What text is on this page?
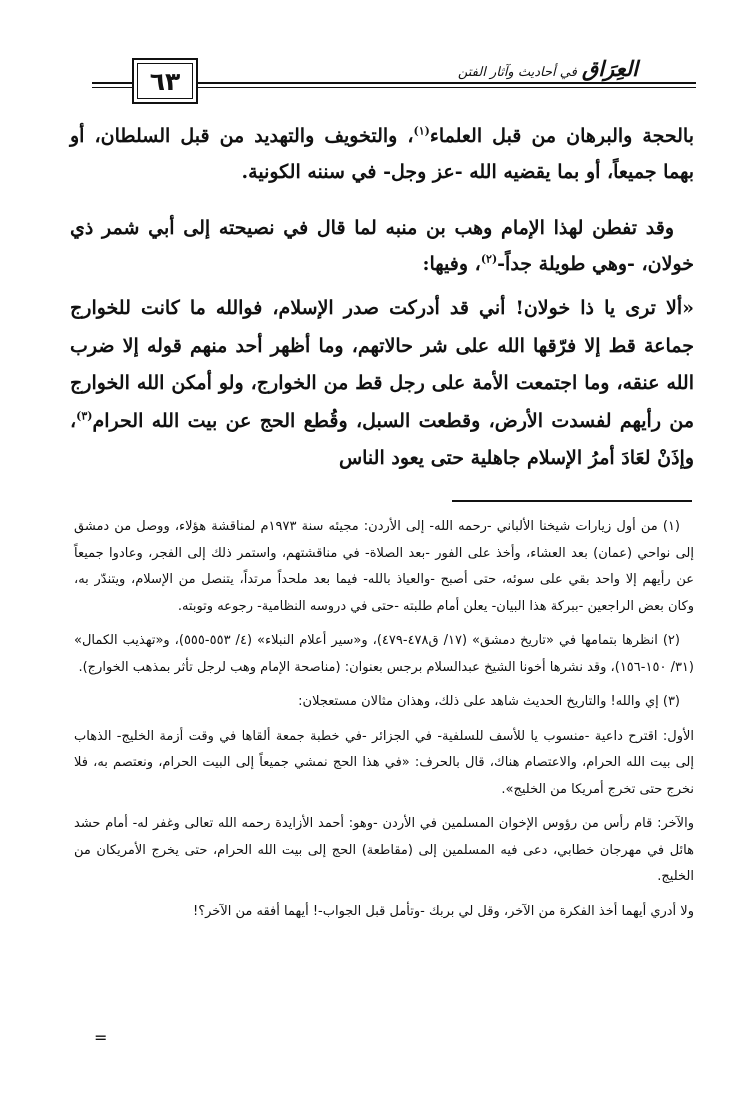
٦٣	العِرَاق في أحاديث وآثار الفتن
بالحجة والبرهان من قبل العلماء$^{(١)}$، والتخويف والتهديد من قبل السلطان، أو بهما جميعاً، أو بما يقضيه الله -عز وجل- في سننه الكونية.
وقد تفطن لهذا الإمام وهب بن منبه لما قال في نصيحته إلى أبي شمر ذي خولان، -وهي طويلة جداً-$^{(٢)}$، وفيها:
«ألا ترى يا ذا خولان! أني قد أدركت صدر الإسلام، فوالله ما كانت للخوارج جماعة قط إلا فرّقها الله على شر حالاتهم، وما أظهر أحد منهم قوله إلا ضرب الله عنقه، وما اجتمعت الأمة على رجل قط من الخوارج، ولو أمكن الله الخوارج من رأيهم لفسدت الأرض، وقطعت السبل، وقُطع الحج عن بيت الله الحرام$^{(٣)}$، وإذَنْ لعَادَ أمرُ الإسلام جاهلية حتى يعود الناس

(١) من أول زيارات شيخنا الألباني -رحمه الله- إلى الأردن: مجيئه سنة ١٩٧٣م لمناقشة هؤلاء، ووصل من دمشق إلى نواحي (عمان) بعد العشاء، وأخذ على الفور -بعد الصلاة- في مناقشتهم، واستمر ذلك إلى الفجر، وعادوا جميعاً عن رأيهم إلا واحد بقي على سوئه، حتى أصبح -والعياذ بالله- فيما بعد ملحداً مرتداً، يتنصل من الإسلام، ويتندّر به، وكان بعض الراجعين -ببركة هذا البيان- يعلن أمام طلبته -حتى في دروسه النظامية- رجوعه وتوبته.

(٢) انظرها بتمامها في «تاريخ دمشق» (١٧/ ق٤٧٨-٤٧٩)، و«سير أعلام النبلاء» (٤/ ٥٥٣-٥٥٥)، و«تهذيب الكمال» (٣١/ ١٥٠-١٥٦)، وقد نشرها أخونا الشيخ عبدالسلام برجس بعنوان: (مناصحة الإمام وهب لرجل تأثر بمذهب الخوارج).

(٣) إي والله! والتاريخ الحديث شاهد على ذلك، وهذان مثالان مستعجلان:

الأول: اقترح داعية -منسوب يا للأسف للسلفية- في الجزائر -في خطبة جمعة ألقاها في وقت أزمة الخليج- الذهاب إلى بيت الله الحرام، والاعتصام هناك، قال بالحرف: «في هذا الحج نمشي جميعاً إلى البيت الحرام، ونعتصم به، فلا نخرج حتى تخرج أمريكا من الخليج».

والآخر: قام رأس من رؤوس الإخوان المسلمين في الأردن -وهو: أحمد الأزايدة رحمه الله تعالى وغفر له- أمام حشد هائل في مهرجان خطابي، دعى فيه المسلمين إلى (مقاطعة) الحج إلى بيت الله الحرام، حتى يخرج الأمريكان من الخليج.

ولا أدري أيهما أخذ الفكرة من الآخر، وقل لي بربك -وتأمل قبل الجواب-! أيهما أفقه من الآخر؟!

=
